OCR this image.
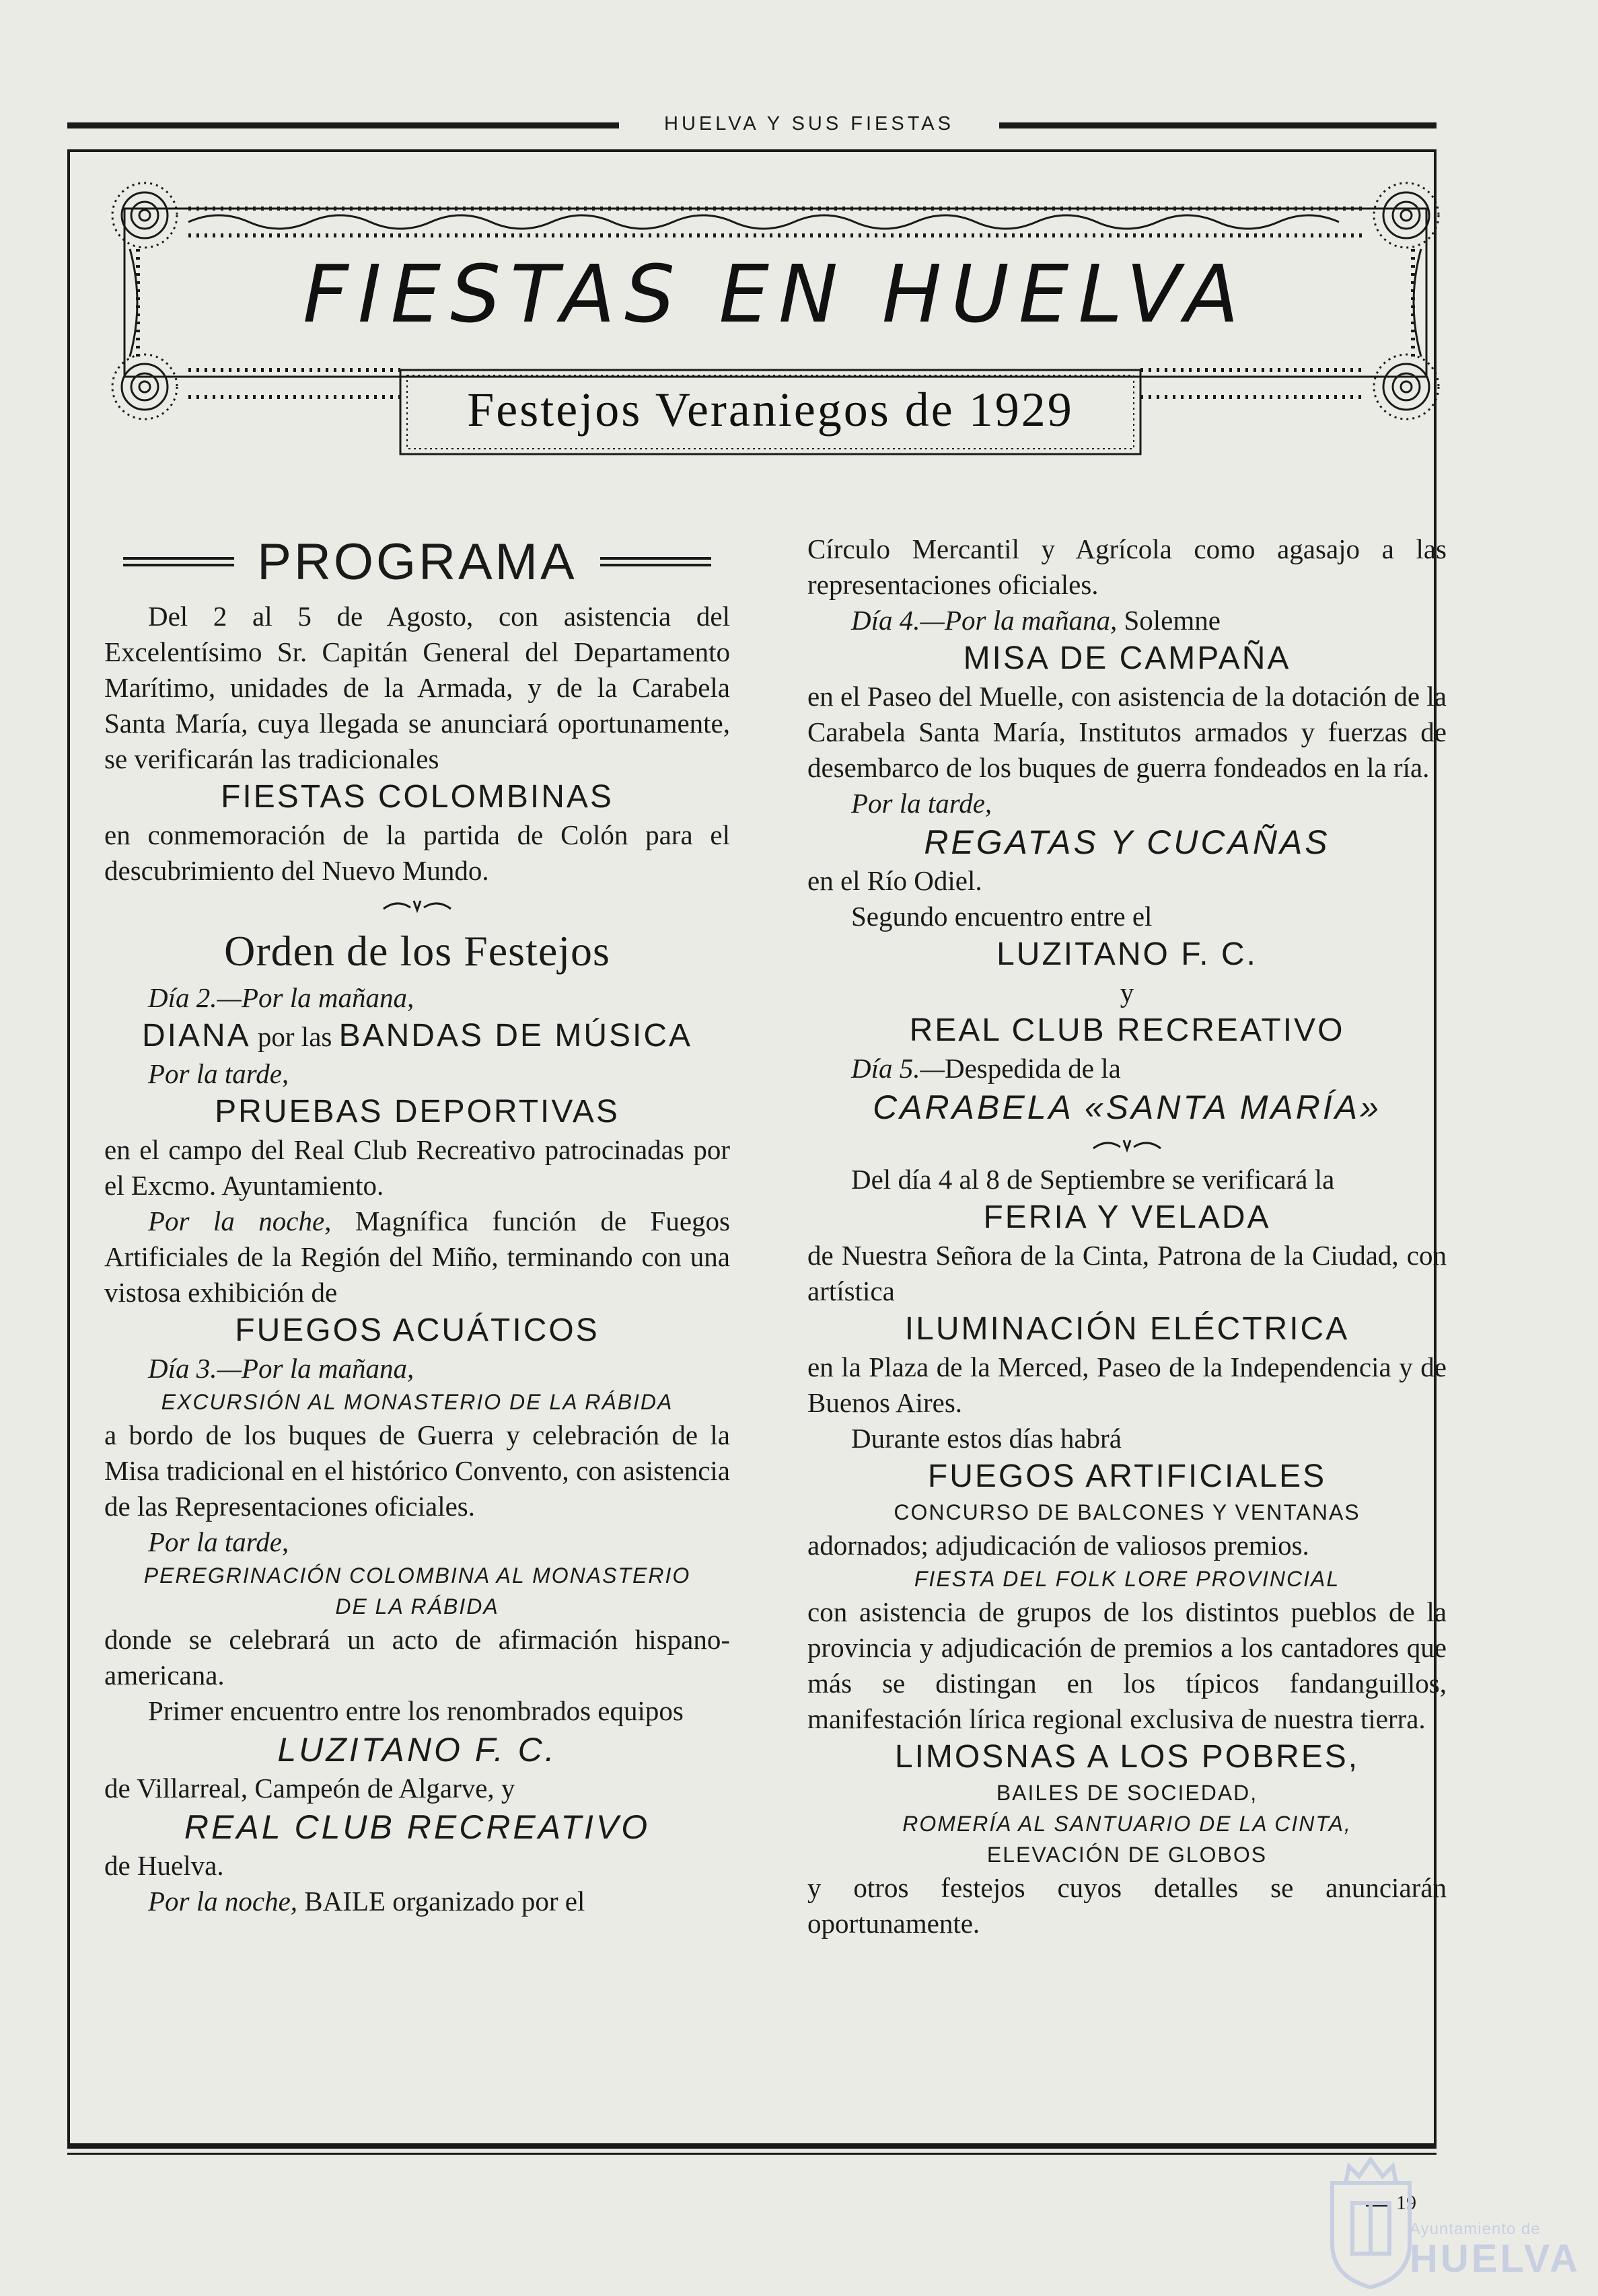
HUELVA Y SUS FIESTAS
FIESTAS EN HUELVA
Festejos Veraniegos de 1929
PROGRAMA

Del 2 al 5 de Agosto, con asistencia del Excelentísimo Sr. Capitán General del Departamento Marítimo, unidades de la Armada, y de la Carabela Santa María, cuya llegada se anunciará oportunamente, se verificarán las tradicionales

FIESTAS COLOMBINAS

en conmemoración de la partida de Colón para el descubrimiento del Nuevo Mundo.

Orden de los Festejos

Día 2.—Por la mañana,

DIANA por las BANDAS DE MÚSICA

Por la tarde,

PRUEBAS DEPORTIVAS

en el campo del Real Club Recreativo patrocinadas por el Excmo. Ayuntamiento.

Por la noche, Magnífica función de Fuegos Artificiales de la Región del Miño, terminando con una vistosa exhibición de

FUEGOS ACUÁTICOS

Día 3.—Por la mañana,

EXCURSIÓN AL MONASTERIO DE LA RÁBIDA

a bordo de los buques de Guerra y celebración de la Misa tradicional en el histórico Convento, con asistencia de las Representaciones oficiales.

Por la tarde,

PEREGRINACIÓN COLOMBINA AL MONASTERIO

DE LA RÁBIDA

donde se celebrará un acto de afirmación hispano-americana.

Primer encuentro entre los renombrados equipos

LUZITANO F. C.

de Villarreal, Campeón de Algarve, y

REAL CLUB RECREATIVO

de Huelva.

Por la noche, BAILE organizado por el

Círculo Mercantil y Agrícola como agasajo a las representaciones oficiales.

Día 4.—Por la mañana, Solemne

MISA DE CAMPAÑA

en el Paseo del Muelle, con asistencia de la dotación de la Carabela Santa María, Institutos armados y fuerzas de desembarco de los buques de guerra fondeados en la ría.

Por la tarde,

REGATAS Y CUCAÑAS

en el Río Odiel.

Segundo encuentro entre el

LUZITANO F. C.

y

REAL CLUB RECREATIVO

Día 5.—Despedida de la

CARABELA «SANTA MARÍA»

Del día 4 al 8 de Septiembre se verificará la

FERIA Y VELADA

de Nuestra Señora de la Cinta, Patrona de la Ciudad, con artística

ILUMINACIÓN ELÉCTRICA

en la Plaza de la Merced, Paseo de la Independencia y de Buenos Aires.

Durante estos días habrá

FUEGOS ARTIFICIALES

CONCURSO DE BALCONES Y VENTANAS

adornados; adjudicación de valiosos premios.

FIESTA DEL FOLK LORE PROVINCIAL

con asistencia de grupos de los distintos pueblos de la provincia y adjudicación de premios a los cantadores que más se distingan en los típicos fandanguillos, manifestación lírica regional exclusiva de nuestra tierra.

LIMOSNAS A LOS POBRES,

BAILES DE SOCIEDAD,

ROMERÍA AL SANTUARIO DE LA CINTA,

ELEVACIÓN DE GLOBOS

y otros festejos cuyos detalles se anunciarán oportunamente.

19
Ayuntamiento de
HUELVA
